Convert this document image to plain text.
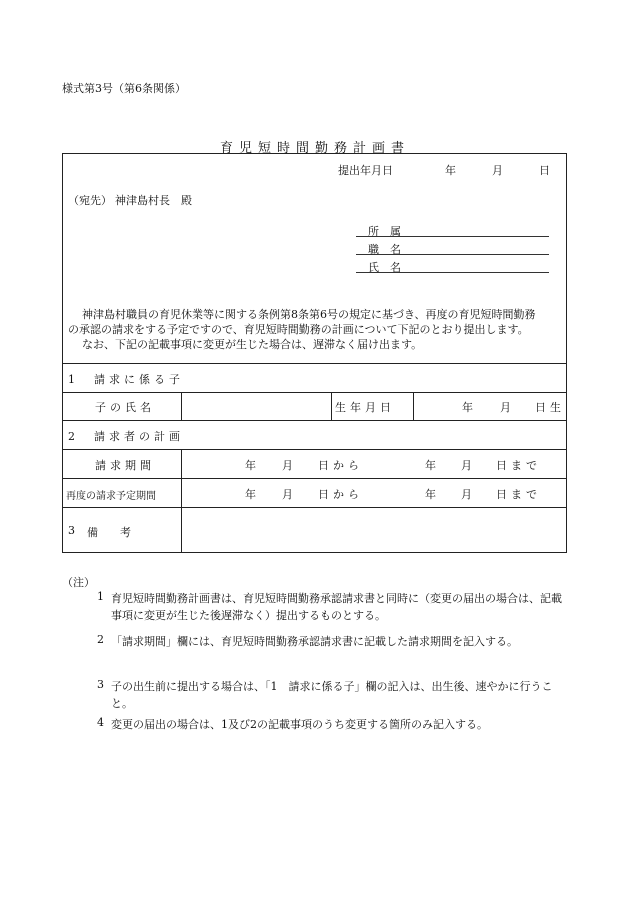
様式第3号（第6条関係）
育児短時間勤務計画書
提出年月日	年	月	日
（宛先） 神津島村長　殿
所　属
職　名
氏　名
神津島村職員の育児休業等に関する条例第8条第6号の規定に基づき、再度の育児短時間勤務
の承認の請求をする予定ですので、育児短時間勤務の計画について下記のとおり提出します。
なお、下記の記載事項に変更が生じた場合は、遅滞なく届け出ます。
1　請求に係る子
子の氏名	生年月日	年 月 日生
2　請求者の計画
請求期間	年 月 日から	年 月 日まで
再度の請求予定期間	年 月 日から	年 月 日まで
3 備　　考
（注）
1 育児短時間勤務計画書は、育児短時間勤務承認請求書と同時に（変更の届出の場合は、記載事項に変更が生じた後遅滞なく）提出するものとする。
2 「請求期間」欄には、育児短時間勤務承認請求書に記載した請求期間を記入する。
3 子の出生前に提出する場合は、「1　請求に係る子」欄の記入は、出生後、速やかに行うこと。
4 変更の届出の場合は、1及び2の記載事項のうち変更する箇所のみ記入する。
